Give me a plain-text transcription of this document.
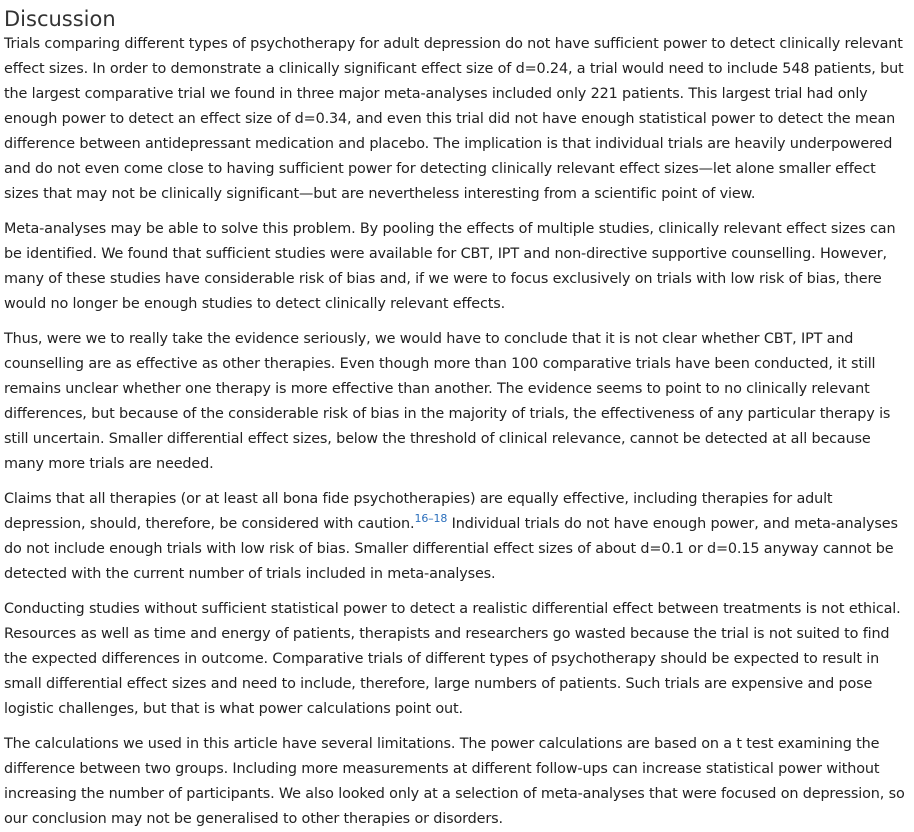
Discussion

Trials comparing different types of psychotherapy for adult depression do not have sufficient power to detect clinically relevant effect sizes. In order to demonstrate a clinically significant effect size of d=0.24, a trial would need to include 548 patients, but the largest comparative trial we found in three major meta-analyses included only 221 patients. This largest trial had only enough power to detect an effect size of d=0.34, and even this trial did not have enough statistical power to detect the mean difference between antidepressant medication and placebo. The implication is that individual trials are heavily underpowered and do not even come close to having sufficient power for detecting clinically relevant effect sizes—let alone smaller effect sizes that may not be clinically significant—but are nevertheless interesting from a scientific point of view.

Meta-analyses may be able to solve this problem. By pooling the effects of multiple studies, clinically relevant effect sizes can be identified. We found that sufficient studies were available for CBT, IPT and non-directive supportive counselling. However, many of these studies have considerable risk of bias and, if we were to focus exclusively on trials with low risk of bias, there would no longer be enough studies to detect clinically relevant effects.

Thus, were we to really take the evidence seriously, we would have to conclude that it is not clear whether CBT, IPT and counselling are as effective as other therapies. Even though more than 100 comparative trials have been conducted, it still remains unclear whether one therapy is more effective than another. The evidence seems to point to no clinically relevant differences, but because of the considerable risk of bias in the majority of trials, the effectiveness of any particular therapy is still uncertain. Smaller differential effect sizes, below the threshold of clinical relevance, cannot be detected at all because many more trials are needed.

Claims that all therapies (or at least all bona fide psychotherapies) are equally effective, including therapies for adult depression, should, therefore, be considered with caution.$^{16-18}$ Individual trials do not have enough power, and meta-analyses do not include enough trials with low risk of bias. Smaller differential effect sizes of about d=0.1 or d=0.15 anyway cannot be detected with the current number of trials included in meta-analyses.

Conducting studies without sufficient statistical power to detect a realistic differential effect between treatments is not ethical. Resources as well as time and energy of patients, therapists and researchers go wasted because the trial is not suited to find the expected differences in outcome. Comparative trials of different types of psychotherapy should be expected to result in small differential effect sizes and need to include, therefore, large numbers of patients. Such trials are expensive and pose logistic challenges, but that is what power calculations point out.

The calculations we used in this article have several limitations. The power calculations are based on a t test examining the difference between two groups. Including more measurements at different follow-ups can increase statistical power without increasing the number of participants. We also looked only at a selection of meta-analyses that were focused on depression, so our conclusion may not be generalised to other therapies or disorders.
